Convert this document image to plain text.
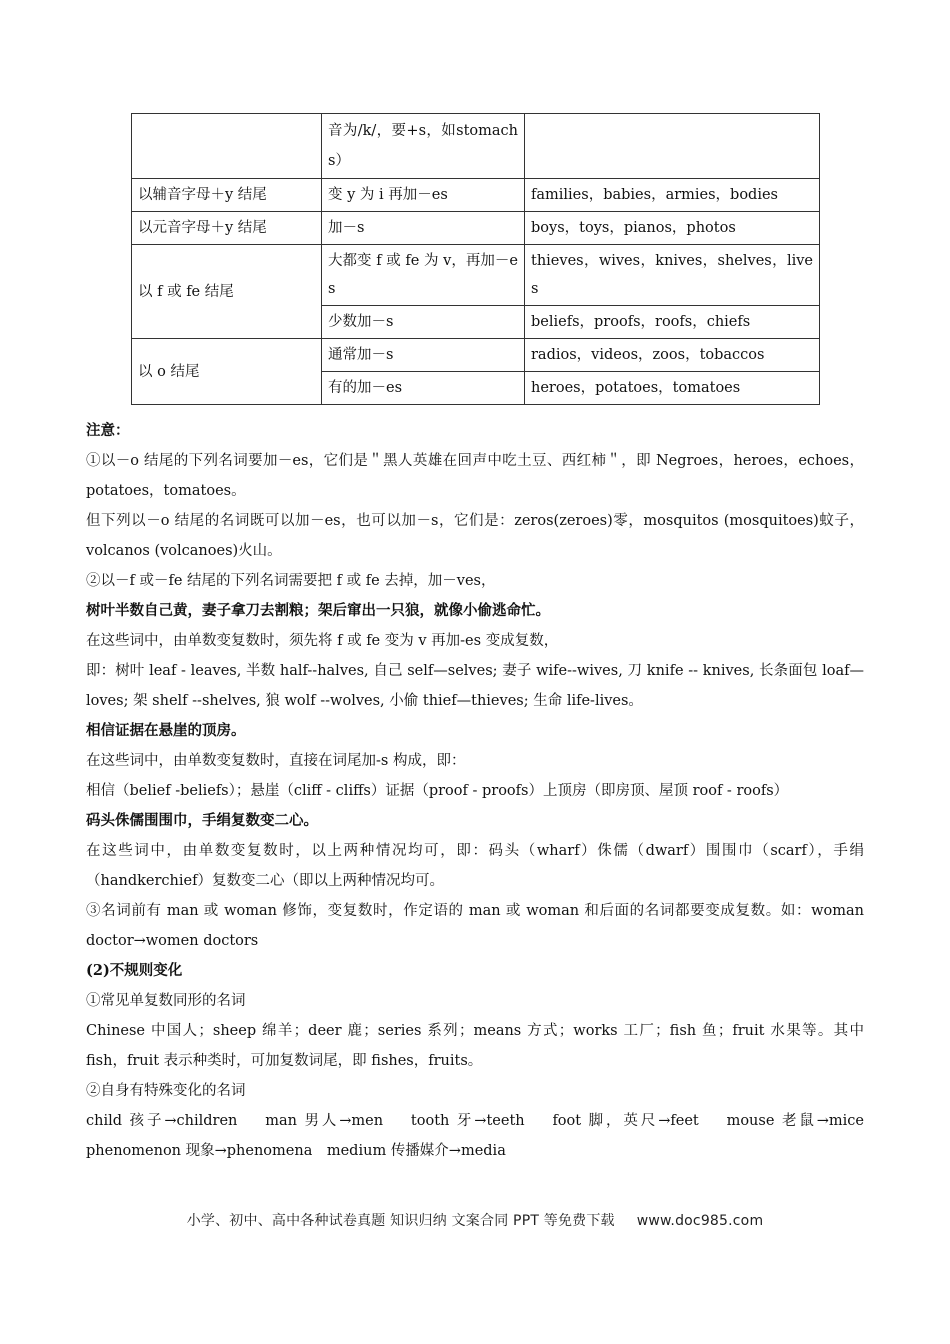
	音为/k/，要+s，如stomachs）	
以辅音字母＋y 结尾	变 y 为 i 再加－es	families，babies，armies，bodies
以元音字母＋y 结尾	加－s	boys，toys，pianos，photos
以 f 或 fe 结尾	大都变 f 或 fe 为 v，再加－es	thieves，wives，knives，shelves，lives
	少数加－s	beliefs，proofs，roofs，chiefs
以 o 结尾	通常加－s	radios，videos，zoos，tobaccos
	有的加－es	heroes，potatoes，tomatoes

注意：

①以－o 结尾的下列名词要加－es，它们是＂黑人英雄在回声中吃土豆、西红柿＂，即 Negroes，heroes，echoes，potatoes，tomatoes。

但下列以－o 结尾的名词既可以加－es，也可以加－s，它们是：zeros(zeroes)零，mosquitos (mosquitoes)蚊子，volcanos (volcanoes)火山。

②以－f 或－fe 结尾的下列名词需要把 f 或 fe 去掉，加－ves，

树叶半数自己黄，妻子拿刀去割粮；架后窜出一只狼，就像小偷逃命忙。

在这些词中，由单数变复数时，须先将 f 或 fe 变为 v 再加-es 变成复数，

即：树叶 leaf - leaves, 半数 half--halves, 自己 self—selves; 妻子 wife--wives, 刀 knife -- knives, 长条面包 loaf—loves; 架 shelf --shelves, 狼 wolf --wolves, 小偷 thief—thieves; 生命 life-lives。

相信证据在悬崖的顶房。

在这些词中，由单数变复数时，直接在词尾加-s 构成，即：

相信（belief -beliefs）；悬崖（cliff - cliffs）证据（proof - proofs）上顶房（即房顶、屋顶 roof - roofs）

码头侏儒围围巾，手绢复数变二心。

在这些词中，由单数变复数时，以上两种情况均可，即：码头（wharf）侏儒（dwarf）围围巾（scarf），手绢（handkerchief）复数变二心（即以上两种情况均可。

③名词前有 man 或 woman 修饰，变复数时，作定语的 man 或 woman 和后面的名词都要变成复数。如：woman doctor→women doctors

(2)不规则变化

①常见单复数同形的名词

Chinese 中国人；sheep 绵羊；deer 鹿；series 系列；means 方式；works 工厂；fish 鱼；fruit 水果等。其中 fish，fruit 表示种类时，可加复数词尾，即 fishes，fruits。

②自身有特殊变化的名词

child 孩子→children　 man 男人→men　 tooth 牙→teeth　 foot 脚，英尺→feet　 mouse 老鼠→mice phenomenon 现象→phenomena　medium 传播媒介→media

小学、初中、高中各种试卷真题 知识归纳 文案合同 PPT 等免费下载 www.doc985.com
